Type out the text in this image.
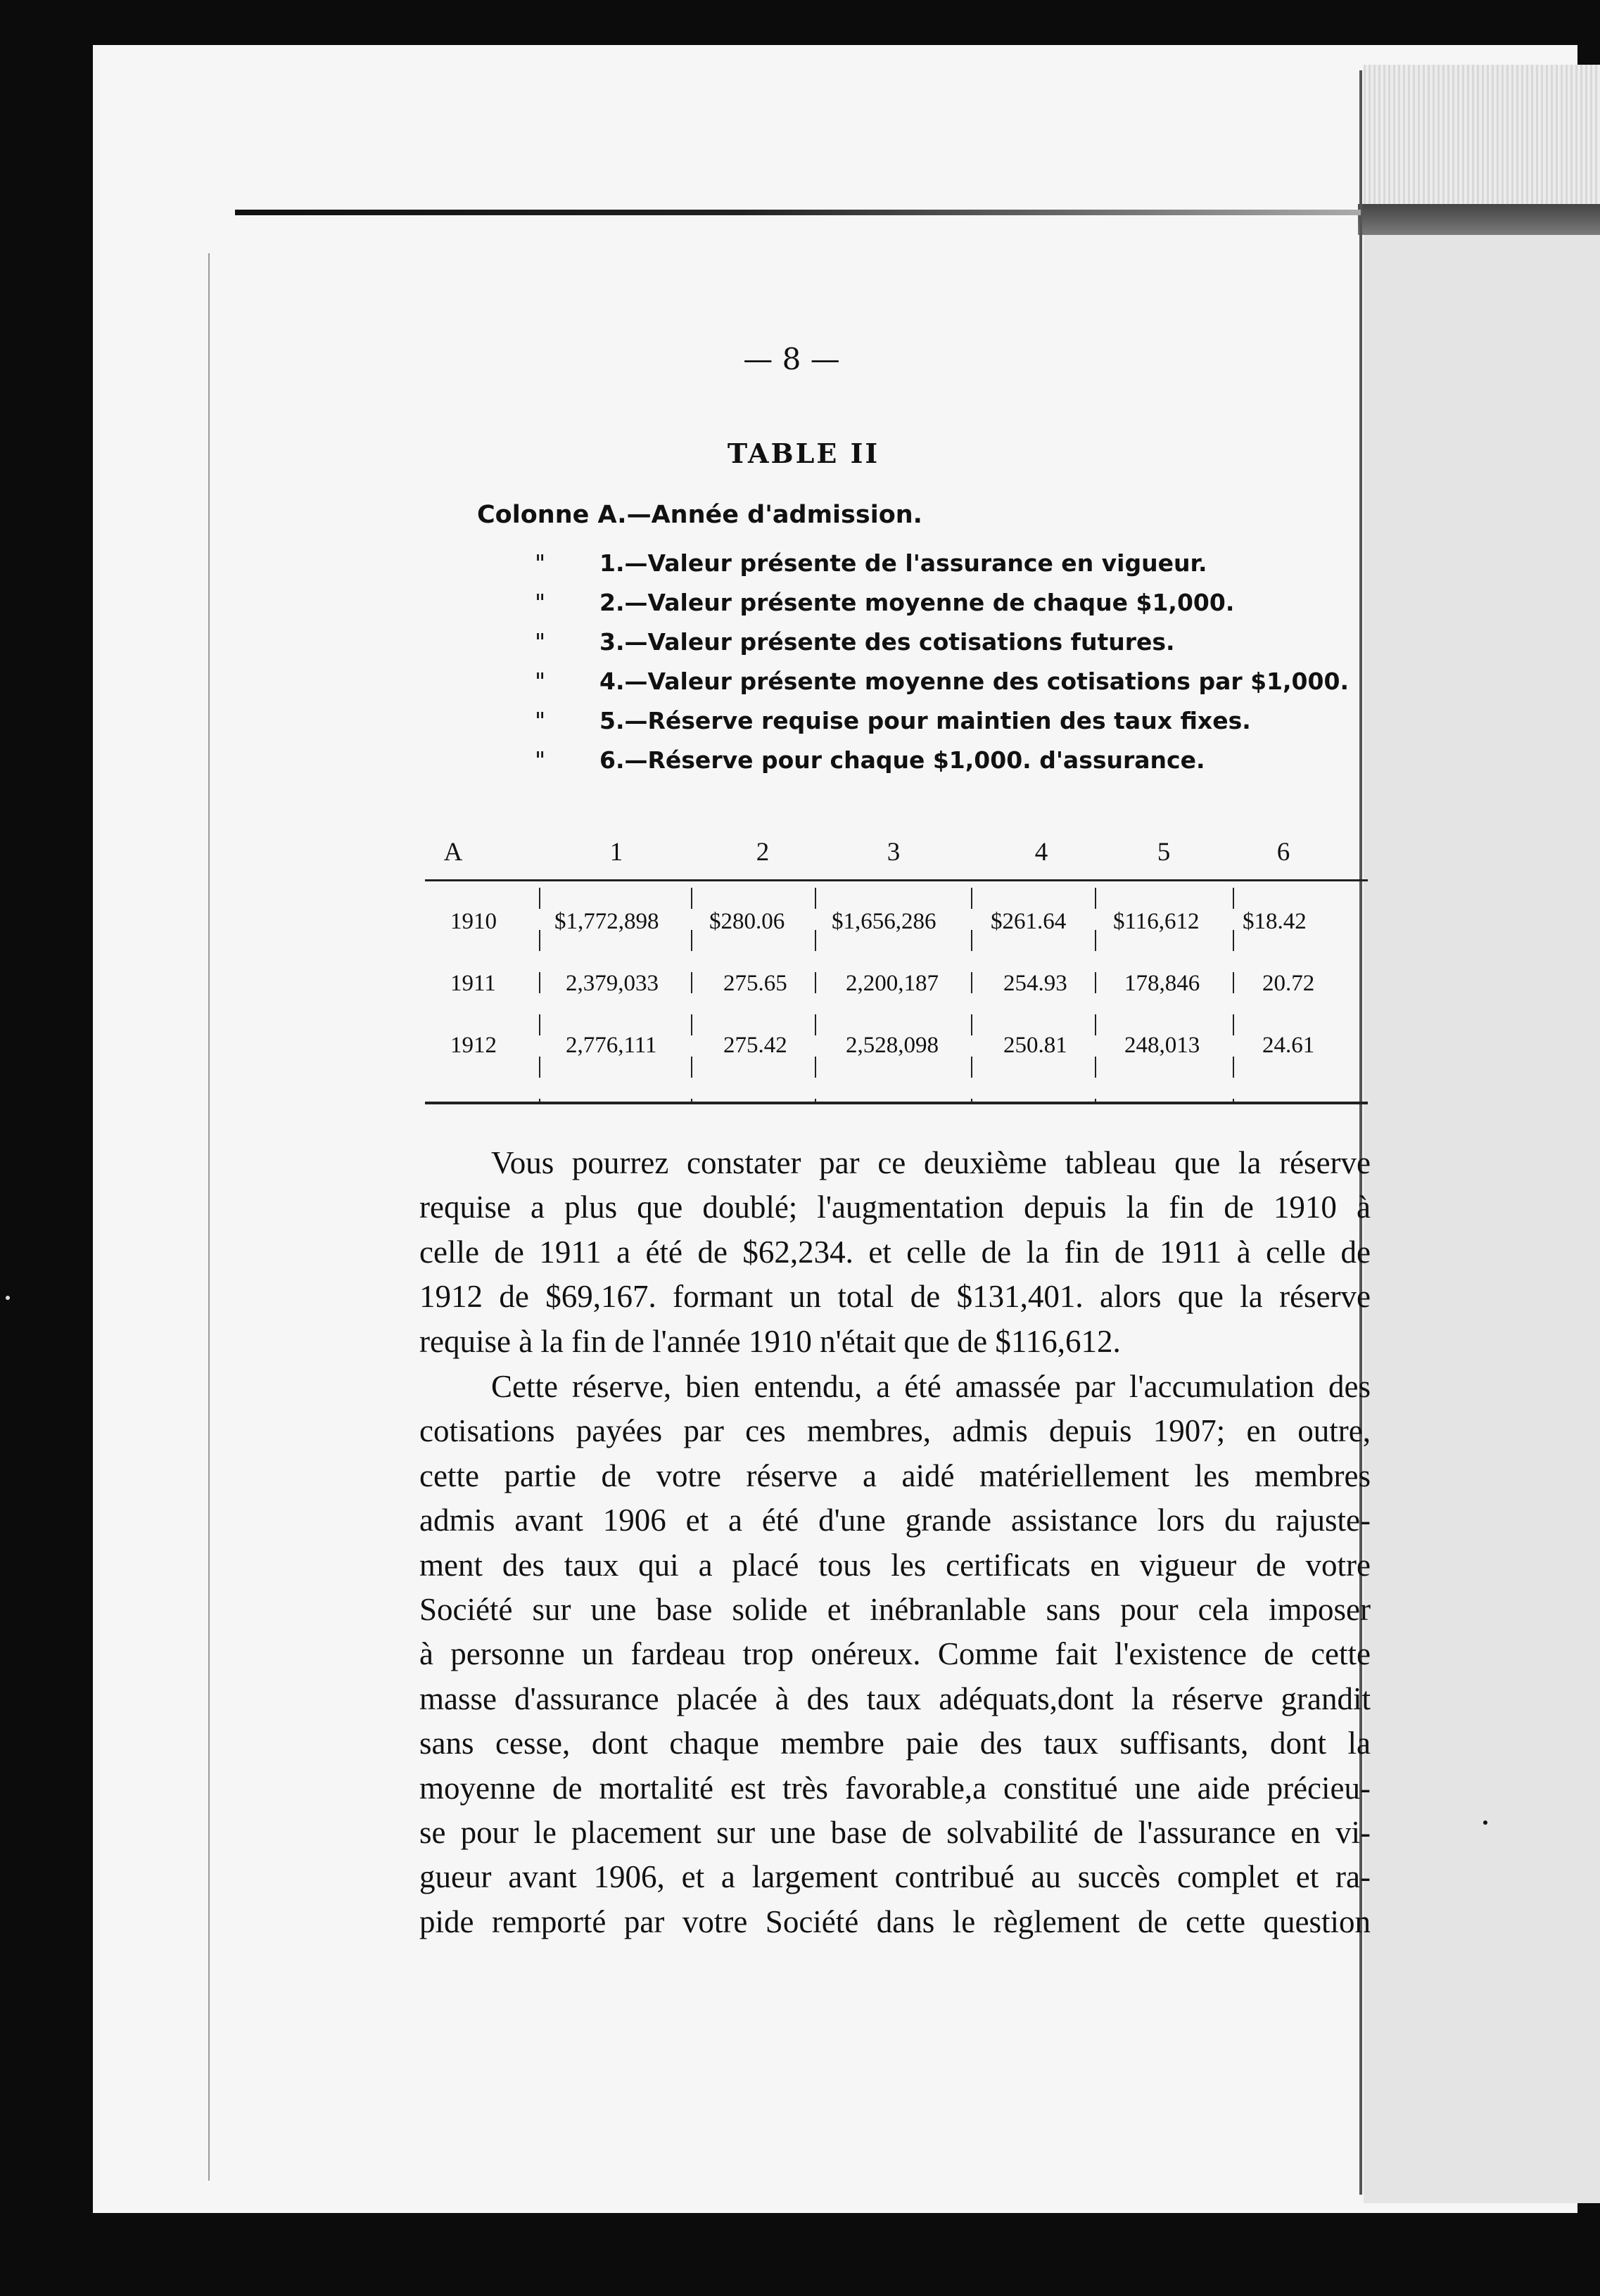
— 8 —
TABLE II
Colonne A.—Année d'admission.
"	1.—Valeur présente de l'assurance en vigueur.
"	2.—Valeur présente moyenne de chaque $1,000.
"	3.—Valeur présente des cotisations futures.
"	4.—Valeur présente moyenne des cotisations par $1,000.
"	5.—Réserve requise pour maintien des taux fixes.
"	6.—Réserve pour chaque $1,000. d'assurance.
A	1	2	3	4	5	6
1910 $1,772,898 $280.06 $1,656,286 $261.64 $116,612 $18.42
1911	2,379,033	275.65	2,200,187	254.93 178,846	20.72
1912	2,776,111	275.42	2,528,098	250.81 248,013	24.61
Vous pourrez constater par ce deuxième tableau que la réserve
requise a plus que doublé; l'augmentation depuis la fin de 1910 à
celle de 1911 a été de $62,234. et celle de la fin de 1911 à celle de
1912 de $69,167. formant un total de $131,401. alors que la réserve
requise à la fin de l'année 1910 n'était que de $116,612.
Cette réserve, bien entendu, a été amassée par l'accumulation des
cotisations payées par ces membres, admis depuis 1907; en outre,
cette partie de votre réserve a aidé matériellement les membres
admis avant 1906 et a été d'une grande assistance lors du rajuste-
ment des taux qui a placé tous les certificats en vigueur de votre
Société sur une base solide et inébranlable sans pour cela imposer
à personne un fardeau trop onéreux. Comme fait l'existence de cette
masse d'assurance placée à des taux adéquats,dont la réserve grandit
sans cesse, dont chaque membre paie des taux suffisants, dont la
moyenne de mortalité est très favorable,a constitué une aide précieu-
se pour le placement sur une base de solvabilité de l'assurance en vi-
gueur avant 1906, et a largement contribué au succès complet et ra-
pide remporté par votre Société dans le règlement de cette question
